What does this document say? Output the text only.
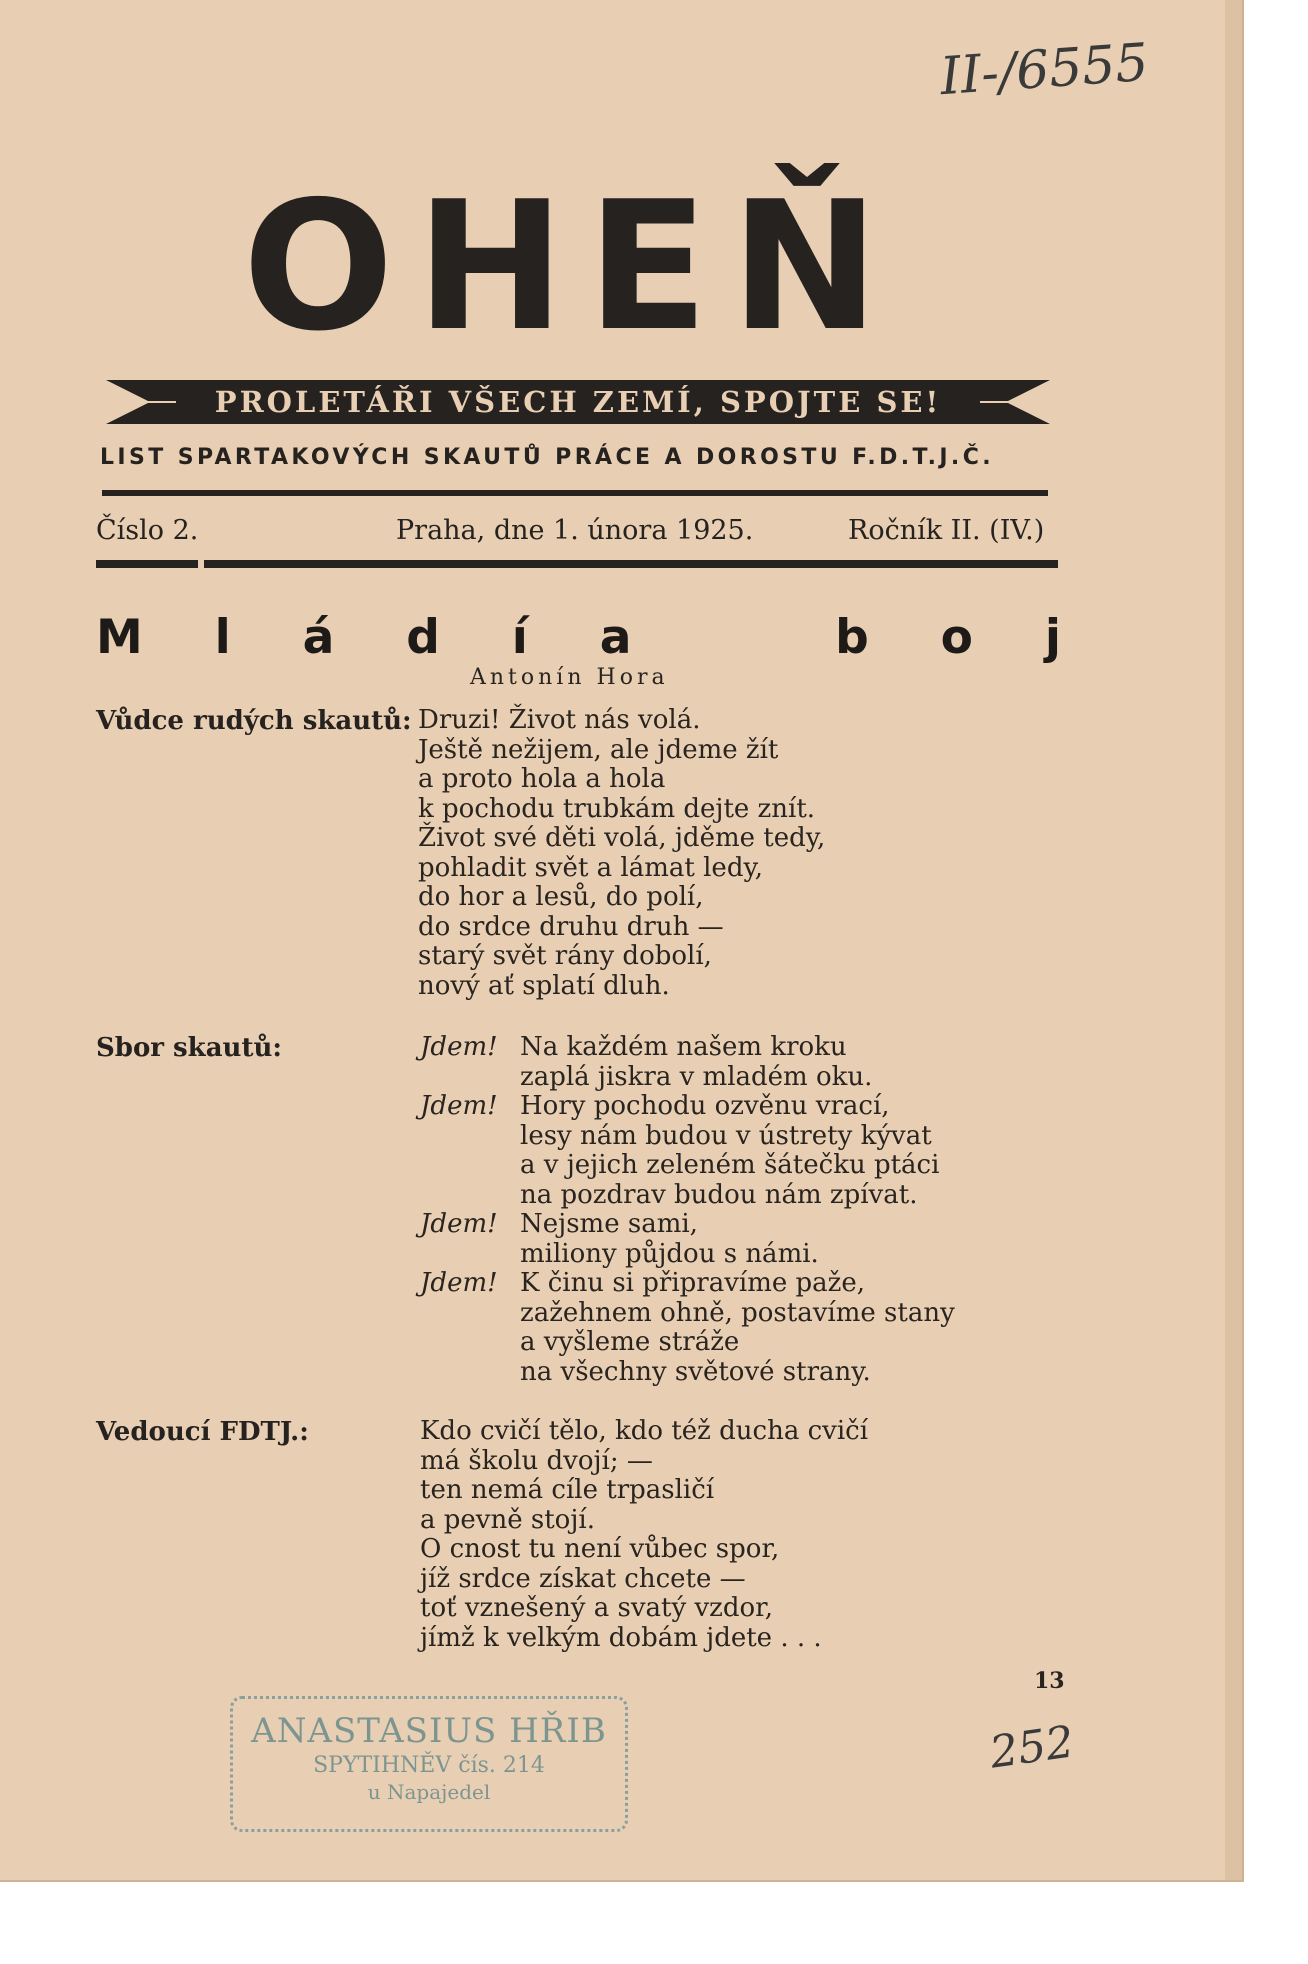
II-/6555
252
OHEŇ
PROLETÁŘI VŠECH ZEMÍ, SPOJTE SE!
LIST SPARTAKOVÝCH SKAUTŮ PRÁCE A DOROSTU F.D.T.J.Č.
Číslo 2.	Praha, dne 1. února 1925.	Ročník II. (IV.)
M l á d í a	b o j
Antonín Hora
Vůdce rudých skautů: Druzi! Život nás volá.
Ještě nežijem, ale jdeme žít
a proto hola a hola
k pochodu trubkám dejte znít.
Život své děti volá, jděme tedy,
pohladit svět a lámat ledy,
do hor a lesů, do polí,
do srdce druhu druh —
starý svět rány dobolí,
nový ať splatí dluh.
Sbor skautů:	Jdem! Na každém našem kroku
zaplá jiskra v mladém oku.
Jdem! Hory pochodu ozvěnu vrací,
lesy nám budou v ústrety kývat
a v jejich zeleném šátečku ptáci
na pozdrav budou nám zpívat.
Jdem! Nejsme sami,
miliony půjdou s námi.
Jdem! K činu si připravíme paže,
zažehnem ohně, postavíme stany
a vyšleme stráže
na všechny světové strany.
Vedoucí FDTJ.:	Kdo cvičí tělo, kdo též ducha cvičí
má školu dvojí; —
ten nemá cíle trpasličí
a pevně stojí.
O cnost tu není vůbec spor,
jíž srdce získat chcete —
toť vznešený a svatý vzdor,
jímž k velkým dobám jdete . . .
13
ANASTASIUS HŘIB
SPYTIHNĚV čís. 214
u Napajedel
